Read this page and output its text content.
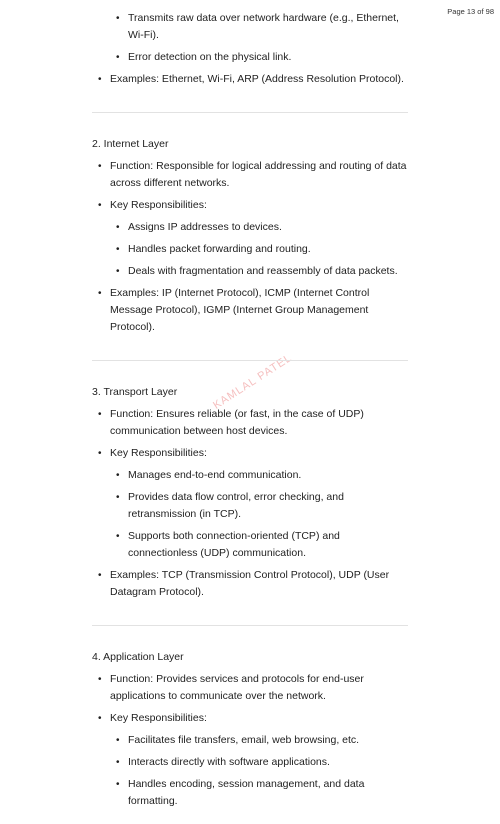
Page 13 of 98
KAMLAL PATEL
• Transmits raw data over network hardware (e.g., Ethernet, Wi-Fi).
• Error detection on the physical link.
• Examples: Ethernet, Wi-Fi, ARP (Address Resolution Protocol).
2. Internet Layer
• Function: Responsible for logical addressing and routing of data across different networks.
• Key Responsibilities:
• Assigns IP addresses to devices.
• Handles packet forwarding and routing.
• Deals with fragmentation and reassembly of data packets.
• Examples: IP (Internet Protocol), ICMP (Internet Control Message Protocol), IGMP (Internet Group Management Protocol).
3. Transport Layer
• Function: Ensures reliable (or fast, in the case of UDP) communication between host devices.
• Key Responsibilities:
• Manages end-to-end communication.
• Provides data flow control, error checking, and retransmission (in TCP).
• Supports both connection-oriented (TCP) and connectionless (UDP) communication.
• Examples: TCP (Transmission Control Protocol), UDP (User Datagram Protocol).
4. Application Layer
• Function: Provides services and protocols for end-user applications to communicate over the network.
• Key Responsibilities:
• Facilitates file transfers, email, web browsing, etc.
• Interacts directly with software applications.
• Handles encoding, session management, and data formatting.
